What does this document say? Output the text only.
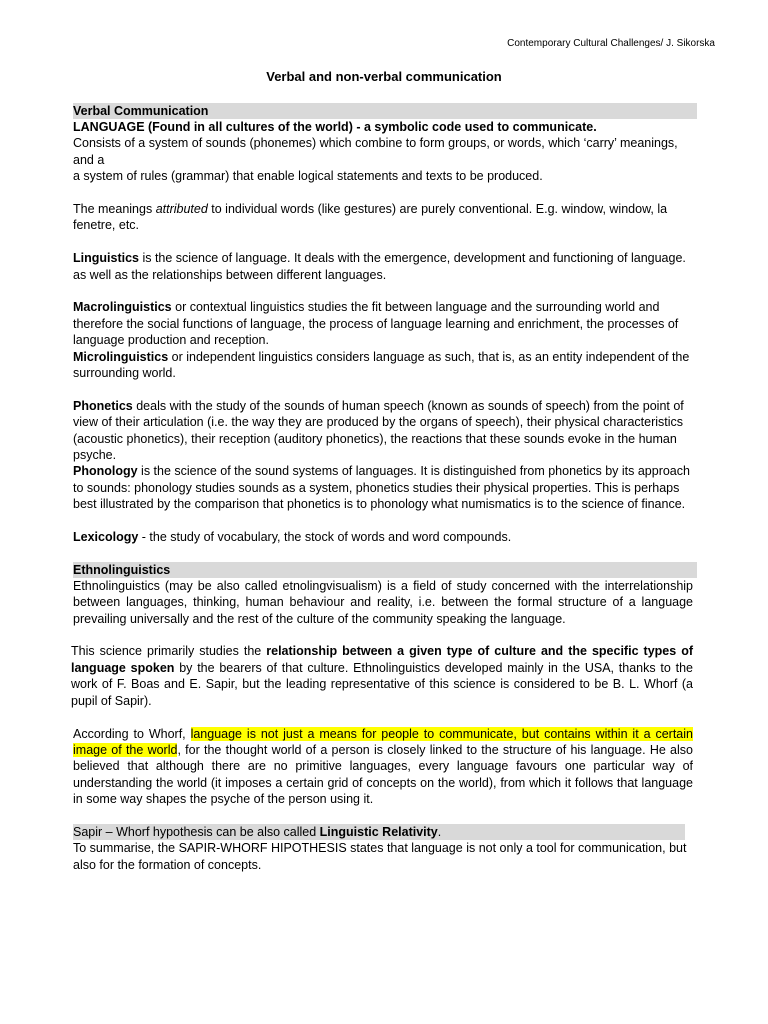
Contemporary Cultural Challenges/ J. Sikorska
Verbal and non-verbal communication
Verbal Communication

LANGUAGE (Found in all cultures of the world) - a symbolic code used to communicate.

Consists of a system of sounds (phonemes) which combine to form groups, or words, which ‘carry’ meanings, and a

a system of rules (grammar) that enable logical statements and texts to be produced.

The meanings attributed to individual words (like gestures) are purely conventional. E.g. window, window, la fenetre, etc.

Linguistics is the science of language. It deals with the emergence, development and functioning of language.

as well as the relationships between different languages.

Macrolinguistics or contextual linguistics studies the fit between language and the surrounding world and therefore the social functions of language, the process of language learning and enrichment, the processes of language production and reception.

Microlinguistics or independent linguistics considers language as such, that is, as an entity independent of the surrounding world.

Phonetics deals with the study of the sounds of human speech (known as sounds of speech) from the point of view of their articulation (i.e. the way they are produced by the organs of speech), their physical characteristics (acoustic phonetics), their reception (auditory phonetics), the reactions that these sounds evoke in the human psyche.

Phonology is the science of the sound systems of languages. It is distinguished from phonetics by its approach to sounds: phonology studies sounds as a system, phonetics studies their physical properties. This is perhaps best illustrated by the comparison that phonetics is to phonology what numismatics is to the science of finance.

Lexicology - the study of vocabulary, the stock of words and word compounds.

Ethnolinguistics

Ethnolinguistics (may be also called etnolingvisualism) is a field of study concerned with the interrelationship between languages, thinking, human behaviour and reality, i.e. between the formal structure of a language prevailing universally and the rest of the culture of the community speaking the language.

This science primarily studies the relationship between a given type of culture and the specific types of language spoken by the bearers of that culture. Ethnolinguistics developed mainly in the USA, thanks to the work of F. Boas and E. Sapir, but the leading representative of this science is considered to be B. L. Whorf (a pupil of Sapir).

According to Whorf, language is not just a means for people to communicate, but contains within it a certain image of the world, for the thought world of a person is closely linked to the structure of his language. He also believed that although there are no primitive languages, every language favours one particular way of understanding the world (it imposes a certain grid of concepts on the world), from which it follows that language in some way shapes the psyche of the person using it.

Sapir – Whorf hypothesis can be also called Linguistic Relativity.

To summarise, the SAPIR-WHORF HIPOTHESIS states that language is not only a tool for communication, but also for the formation of concepts.
